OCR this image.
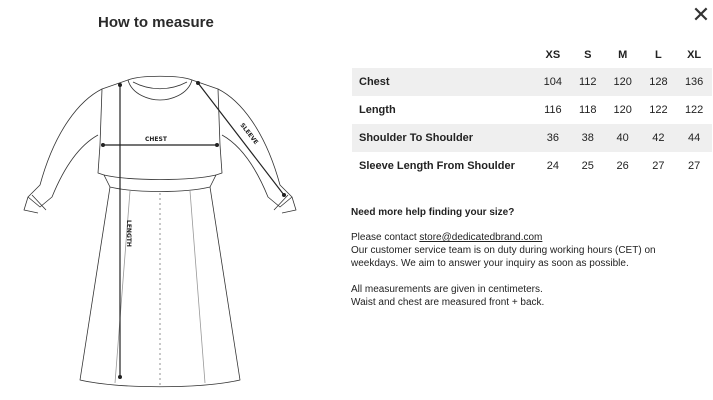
How to measure	✕
CHEST
LENGTH
SLEEVE
	XS	S	M	L	XL
Chest	104	112	120	128	136
Length	116	118	120	122	122
Shoulder To Shoulder	36	38	40	42	44
Sleeve Length From Shoulder	24	25	26	27	27

Need more help finding your size?

Please contact store@dedicatedbrand.com

Our customer service team is on duty during working hours (CET) on weekdays. We aim to answer your inquiry as soon as possible.

All measurements are given in centimeters.

Waist and chest are measured front + back.
